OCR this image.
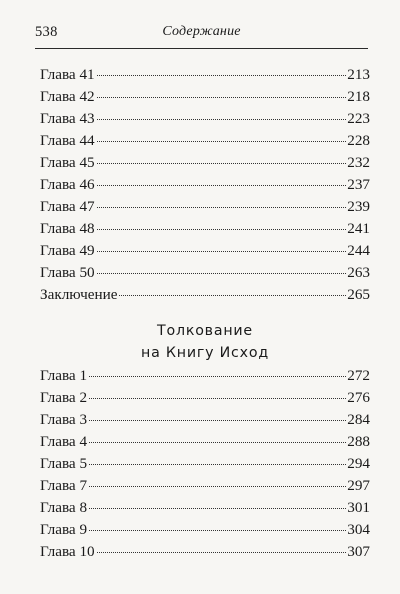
538	Содержание
Глава 41	213
Глава 42	218
Глава 43	223
Глава 44	228
Глава 45	232
Глава 46	237
Глава 47	239
Глава 48	241
Глава 49	244
Глава 50	263
Заключение	265
Толкование
на Книгу Исход
Глава 1	272
Глава 2	276
Глава 3	284
Глава 4	288
Глава 5	294
Глава 7	297
Глава 8	301
Глава 9	304
Глава 10	307
